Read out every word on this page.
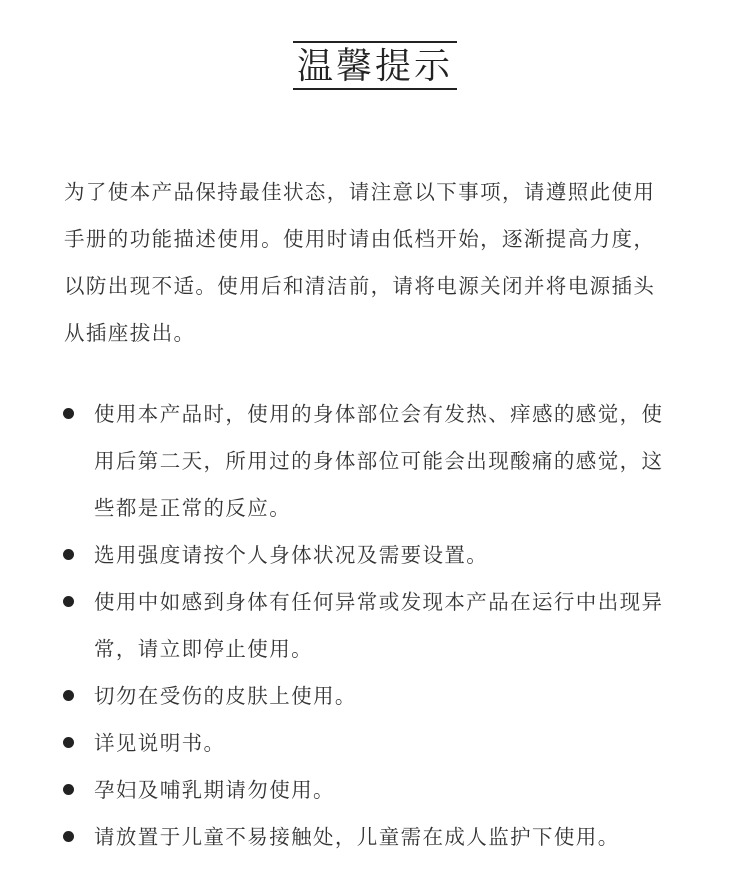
温馨提示
为了使本产品保持最佳状态，请注意以下事项，请遵照此使用
手册的功能描述使用。使用时请由低档开始，逐渐提高力度，
以防出现不适。使用后和清洁前，请将电源关闭并将电源插头
从插座拔出。
使用本产品时，使用的身体部位会有发热、痒感的感觉，使
用后第二天，所用过的身体部位可能会出现酸痛的感觉，这
些都是正常的反应。
选用强度请按个人身体状况及需要设置。
使用中如感到身体有任何异常或发现本产品在运行中出现异
常，请立即停止使用。
切勿在受伤的皮肤上使用。
详见说明书。
孕妇及哺乳期请勿使用。
请放置于儿童不易接触处，儿童需在成人监护下使用。
